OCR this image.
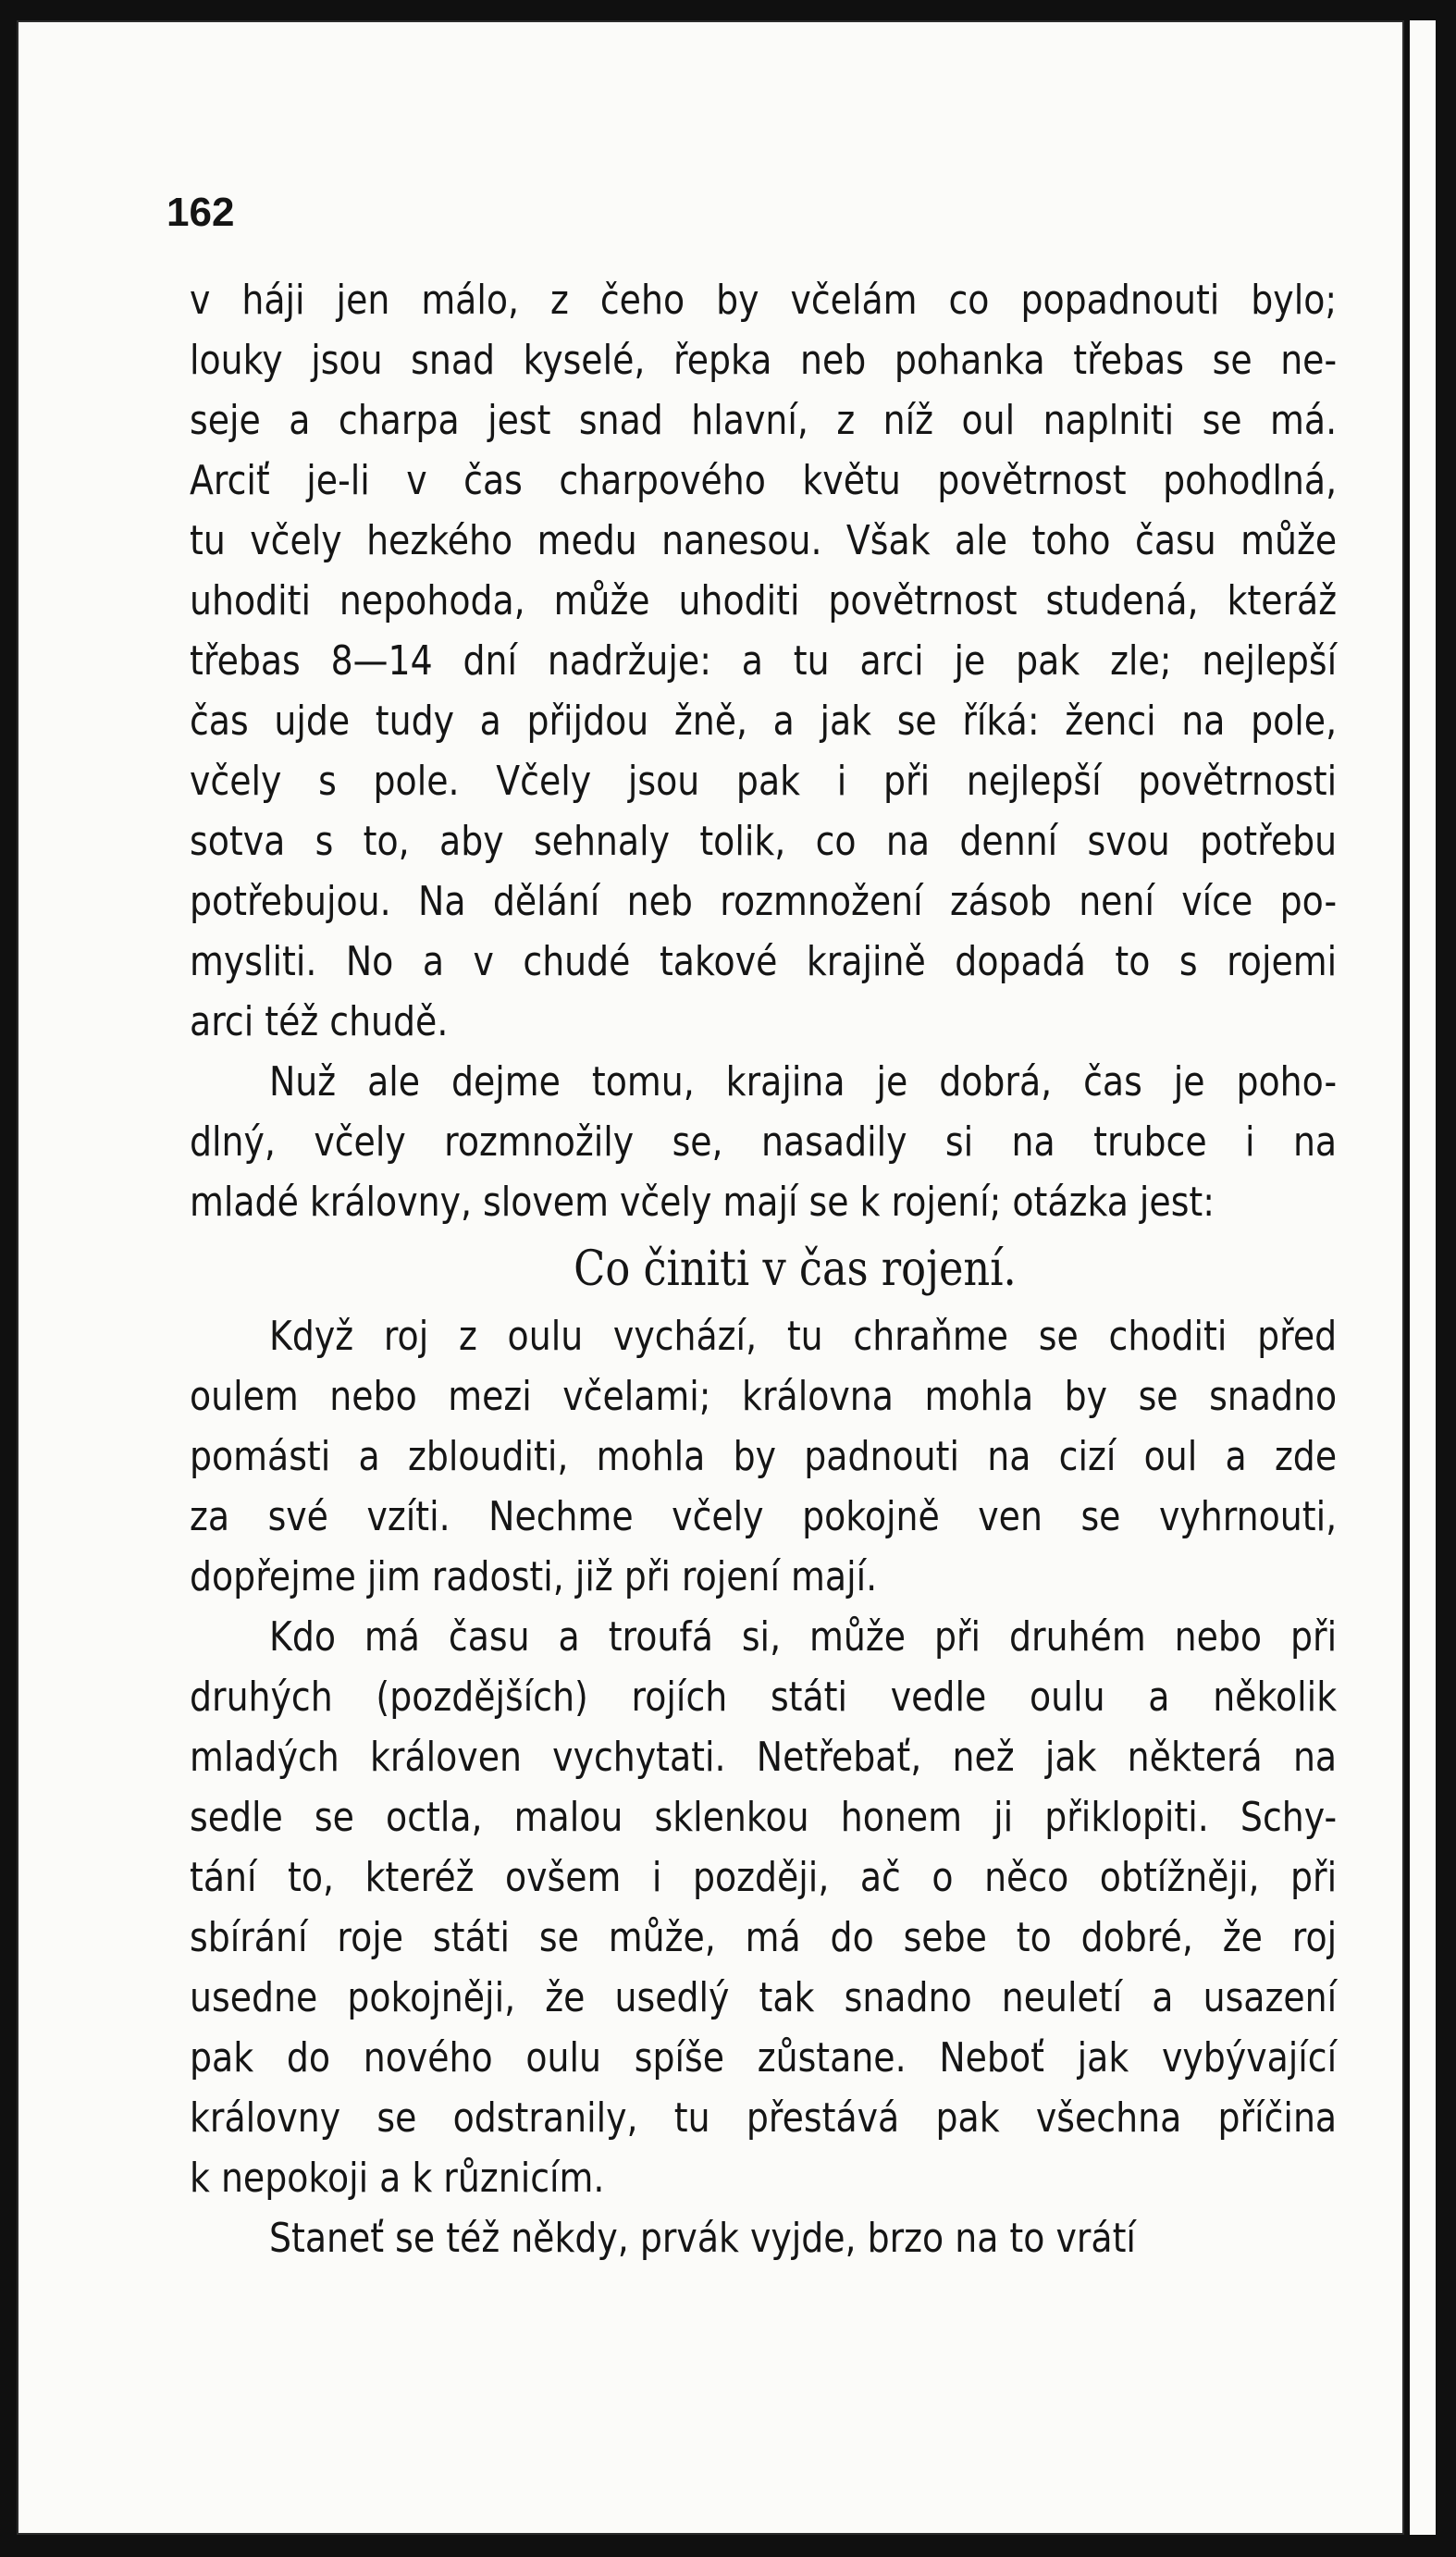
162
v háji jen málo, z čeho by včelám co popadnouti bylo;
louky jsou snad kyselé, řepka neb pohanka třebas se ne-
seje a charpa jest snad hlavní, z níž oul naplniti se má.
Arciť je-li v čas charpového květu povětrnost pohodlná,
tu včely hezkého medu nanesou. Však ale toho času může
uhoditi nepohoda, může uhoditi povětrnost studená, kteráž
třebas 8—14 dní nadržuje: a tu arci je pak zle; nejlepší
čas ujde tudy a přijdou žně, a jak se říká: ženci na pole,
včely s pole. Včely jsou pak i při nejlepší povětrnosti
sotva s to, aby sehnaly tolik, co na denní svou potřebu
potřebujou. Na dělání neb rozmnožení zásob není více po-
mysliti. No a v chudé takové krajině dopadá to s rojemi
arci též chudě.
Nuž ale dejme tomu, krajina je dobrá, čas je poho-
dlný, včely rozmnožily se, nasadily si na trubce i na
mladé královny, slovem včely mají se k rojení; otázka jest:
Co činiti v čas rojení.
Když roj z oulu vychází, tu chraňme se choditi před
oulem nebo mezi včelami; královna mohla by se snadno
pomásti a zblouditi, mohla by padnouti na cizí oul a zde
za své vzíti. Nechme včely pokojně ven se vyhrnouti,
dopřejme jim radosti, již při rojení mají.
Kdo má času a troufá si, může při druhém nebo při
druhých (pozdějších) rojích státi vedle oulu a několik
mladých královen vychytati. Netřebať, než jak některá na
sedle se octla, malou sklenkou honem ji přiklopiti. Schy-
tání to, kteréž ovšem i později, ač o něco obtížněji, při
sbírání roje státi se může, má do sebe to dobré, že roj
usedne pokojněji, že usedlý tak snadno neuletí a usazení
pak do nového oulu spíše zůstane. Neboť jak vybývající
královny se odstranily, tu přestává pak všechna příčina
k nepokoji a k různicím.
Staneť se též někdy, prvák vyjde, brzo na to vrátí
